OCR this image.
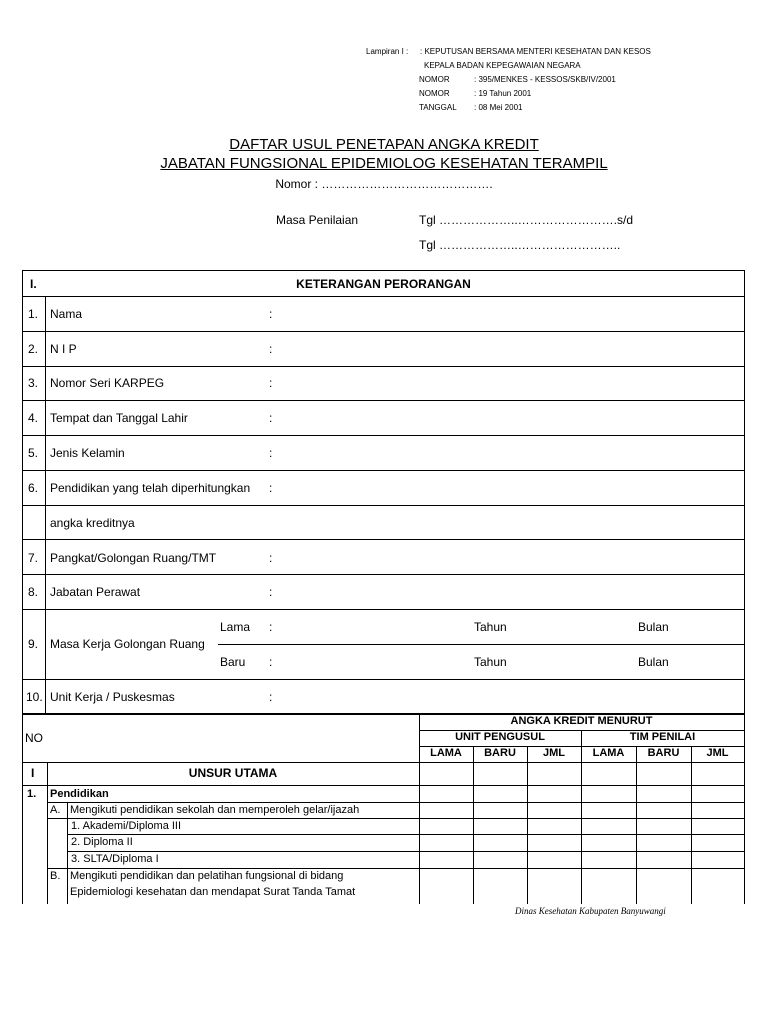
Lampiran I : : KEPUTUSAN BERSAMA MENTERI KESEHATAN DAN KESOS
KEPALA BADAN KEPEGAWAIAN NEGARA
NOMOR	: 395/MENKES - KESSOS/SKB/IV/2001
NOMOR	: 19 Tahun 2001
TANGGAL : 08 Mei 2001
DAFTAR USUL PENETAPAN ANGKA KREDIT
JABATAN FUNGSIONAL EPIDEMIOLOG KESEHATAN TERAMPIL
Nomor : …………………………………….
Masa Penilaian	Tgl ………………..…………………….s/d
Tgl ………………..……………………..
I.	KETERANGAN PERORANGAN
1. Nama	:
2. N I P	:
3. Nomor Seri KARPEG	:
4. Tempat dan Tanggal Lahir	:
5. Jenis Kelamin	:
6. Pendidikan yang telah diperhitungkan :
angka kreditnya
7. Pangkat/Golongan Ruang/TMT	:
8. Jabatan Perawat	:
9. Masa Kerja Golongan Ruang
Lama :	Tahun	Bulan
Baru :	Tahun	Bulan
10. Unit Kerja / Puskesmas	:
NO
ANGKA KREDIT MENURUT
UNIT PENGUSUL	TIM PENILAI
LAMA	BARU	JML	LAMA	BARU	JML
I	UNSUR UTAMA
1. Pendidikan
A. Mengikuti pendidikan sekolah dan memperoleh gelar/ijazah
1. Akademi/Diploma III
2. Diploma II
3. SLTA/Diploma I
B. Mengikuti pendidikan dan pelatihan fungsional di bidang
Epidemiologi kesehatan dan mendapat Surat Tanda Tamat
Dinas Kesehatan Kabupaten Banyuwangi
